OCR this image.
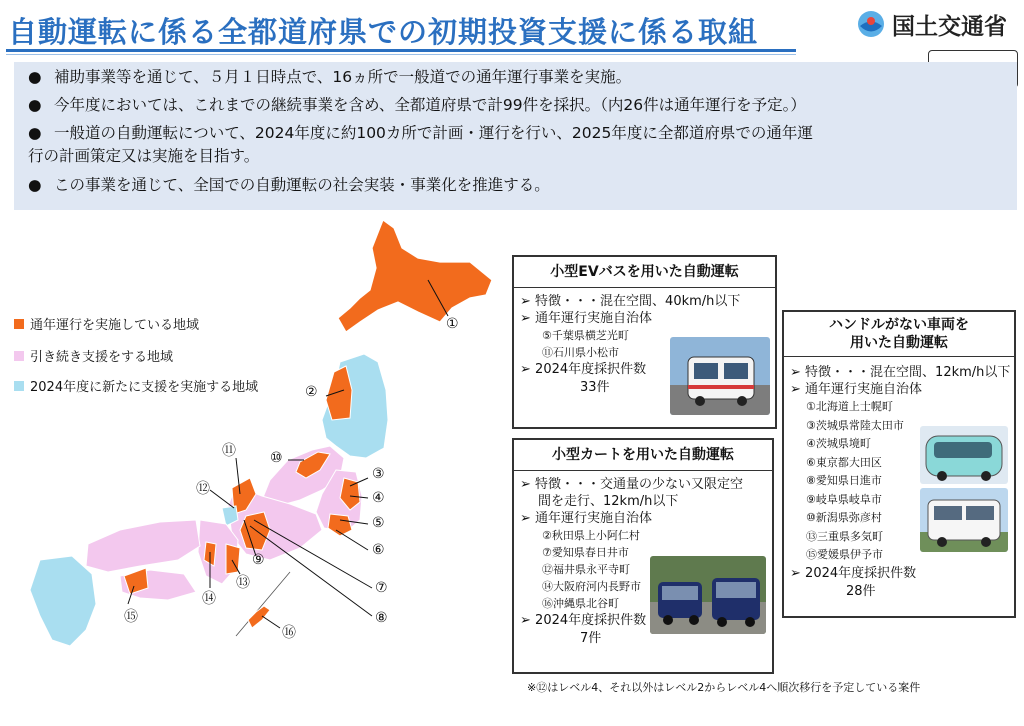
自動運転に係る全都道府県での初期投資支援に係る取組	国土交通省
● 補助事業等を通じて、５月１日時点で、16ヵ所で一般道での通年運行事業を実施。
● 今年度においては、これまでの継続事業を含め、全都道府県で計99件を採択。（内26件は通年運行を予定。）
● 一般道の自動運転について、2024年度に約100カ所で計画・運行を行い、2025年度に全都道府県での通年運
行の計画策定又は実施を目指す。
● この事業を通じて、全国での自動運転の社会実装・事業化を推進する。
通年運行を実施している地域
引き続き支援をする地域
2024年度に新たに支援を実施する地域
①
②
③
④
⑤
⑥
⑦
⑧
⑨
⑩
⑪
⑫
⑬
⑭
⑮
⑯
小型EVバスを用いた自動運転
➢ 特徴・・・混在空間、40km/h以下
➢ 通年運行実施自治体
⑤千葉県横芝光町
⑪石川県小松市
➢ 2024年度採択件数
33件
小型カートを用いた自動運転
➢ 特徴・・・交通量の少ない又限定空
間を走行、12km/h以下
➢ 通年運行実施自治体
②秋田県上小阿仁村
⑦愛知県春日井市
⑫福井県永平寺町
⑭大阪府河内長野市
⑯沖縄県北谷町
➢ 2024年度採択件数
7件
ハンドルがない車両を
用いた自動運転
➢ 特徴・・・混在空間、12km/h以下
➢ 通年運行実施自治体
①北海道上士幌町
③茨城県常陸太田市
④茨城県境町
⑥東京都大田区
⑧愛知県日進市
⑨岐阜県岐阜市
⑩新潟県弥彦村
⑬三重県多気町
⑮愛媛県伊予市
➢ 2024年度採択件数
28件
※⑫はレベル4、それ以外はレベル2からレベル4へ順次移行を予定している案件
